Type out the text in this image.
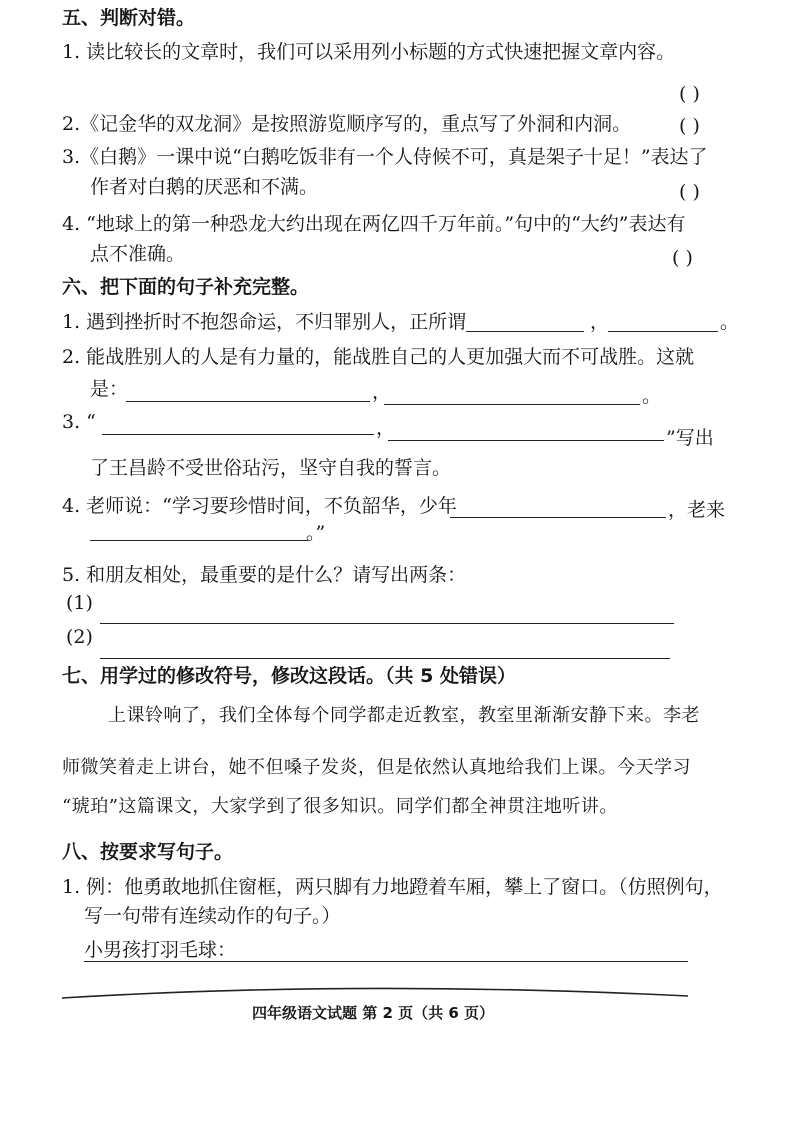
五、判断对错。
1. 读比较长的文章时，我们可以采用列小标题的方式快速把握文章内容。
( )
2.《记金华的双龙洞》是按照游览顺序写的，重点写了外洞和内洞。	( )
3.《白鹅》一课中说“白鹅吃饭非有一个人侍候不可，真是架子十足！”表达了
作者对白鹅的厌恶和不满。	( )
4. “地球上的第一种恐龙大约出现在两亿四千万年前。”句中的“大约”表达有
点不准确。	( )
六、把下面的句子补充完整。
1. 遇到挫折时不抱怨命运，不归罪别人，正所谓	，	。
2. 能战胜别人的人是有力量的，能战胜自己的人更加强大而不可战胜。这就
是：	，	。
3. “	，	”写出
了王昌龄不受世俗玷污，坚守自我的誓言。
4. 老师说：“学习要珍惜时间，不负韶华，少年	，老来
。”
5. 和朋友相处，最重要的是什么？请写出两条：
(1)
(2)
七、用学过的修改符号，修改这段话。（共 5 处错误）
上课铃响了，我们全体每个同学都走近教室，教室里渐渐安静下来。李老
师微笑着走上讲台，她不但嗓子发炎，但是依然认真地给我们上课。今天学习
“琥珀”这篇课文，大家学到了很多知识。同学们都全神贯注地听讲。
八、按要求写句子。
1. 例：他勇敢地抓住窗框，两只脚有力地蹬着车厢，攀上了窗口。（仿照例句，
写一句带有连续动作的句子。）
小男孩打羽毛球：
四年级语文试题 第 2 页（共 6 页）
